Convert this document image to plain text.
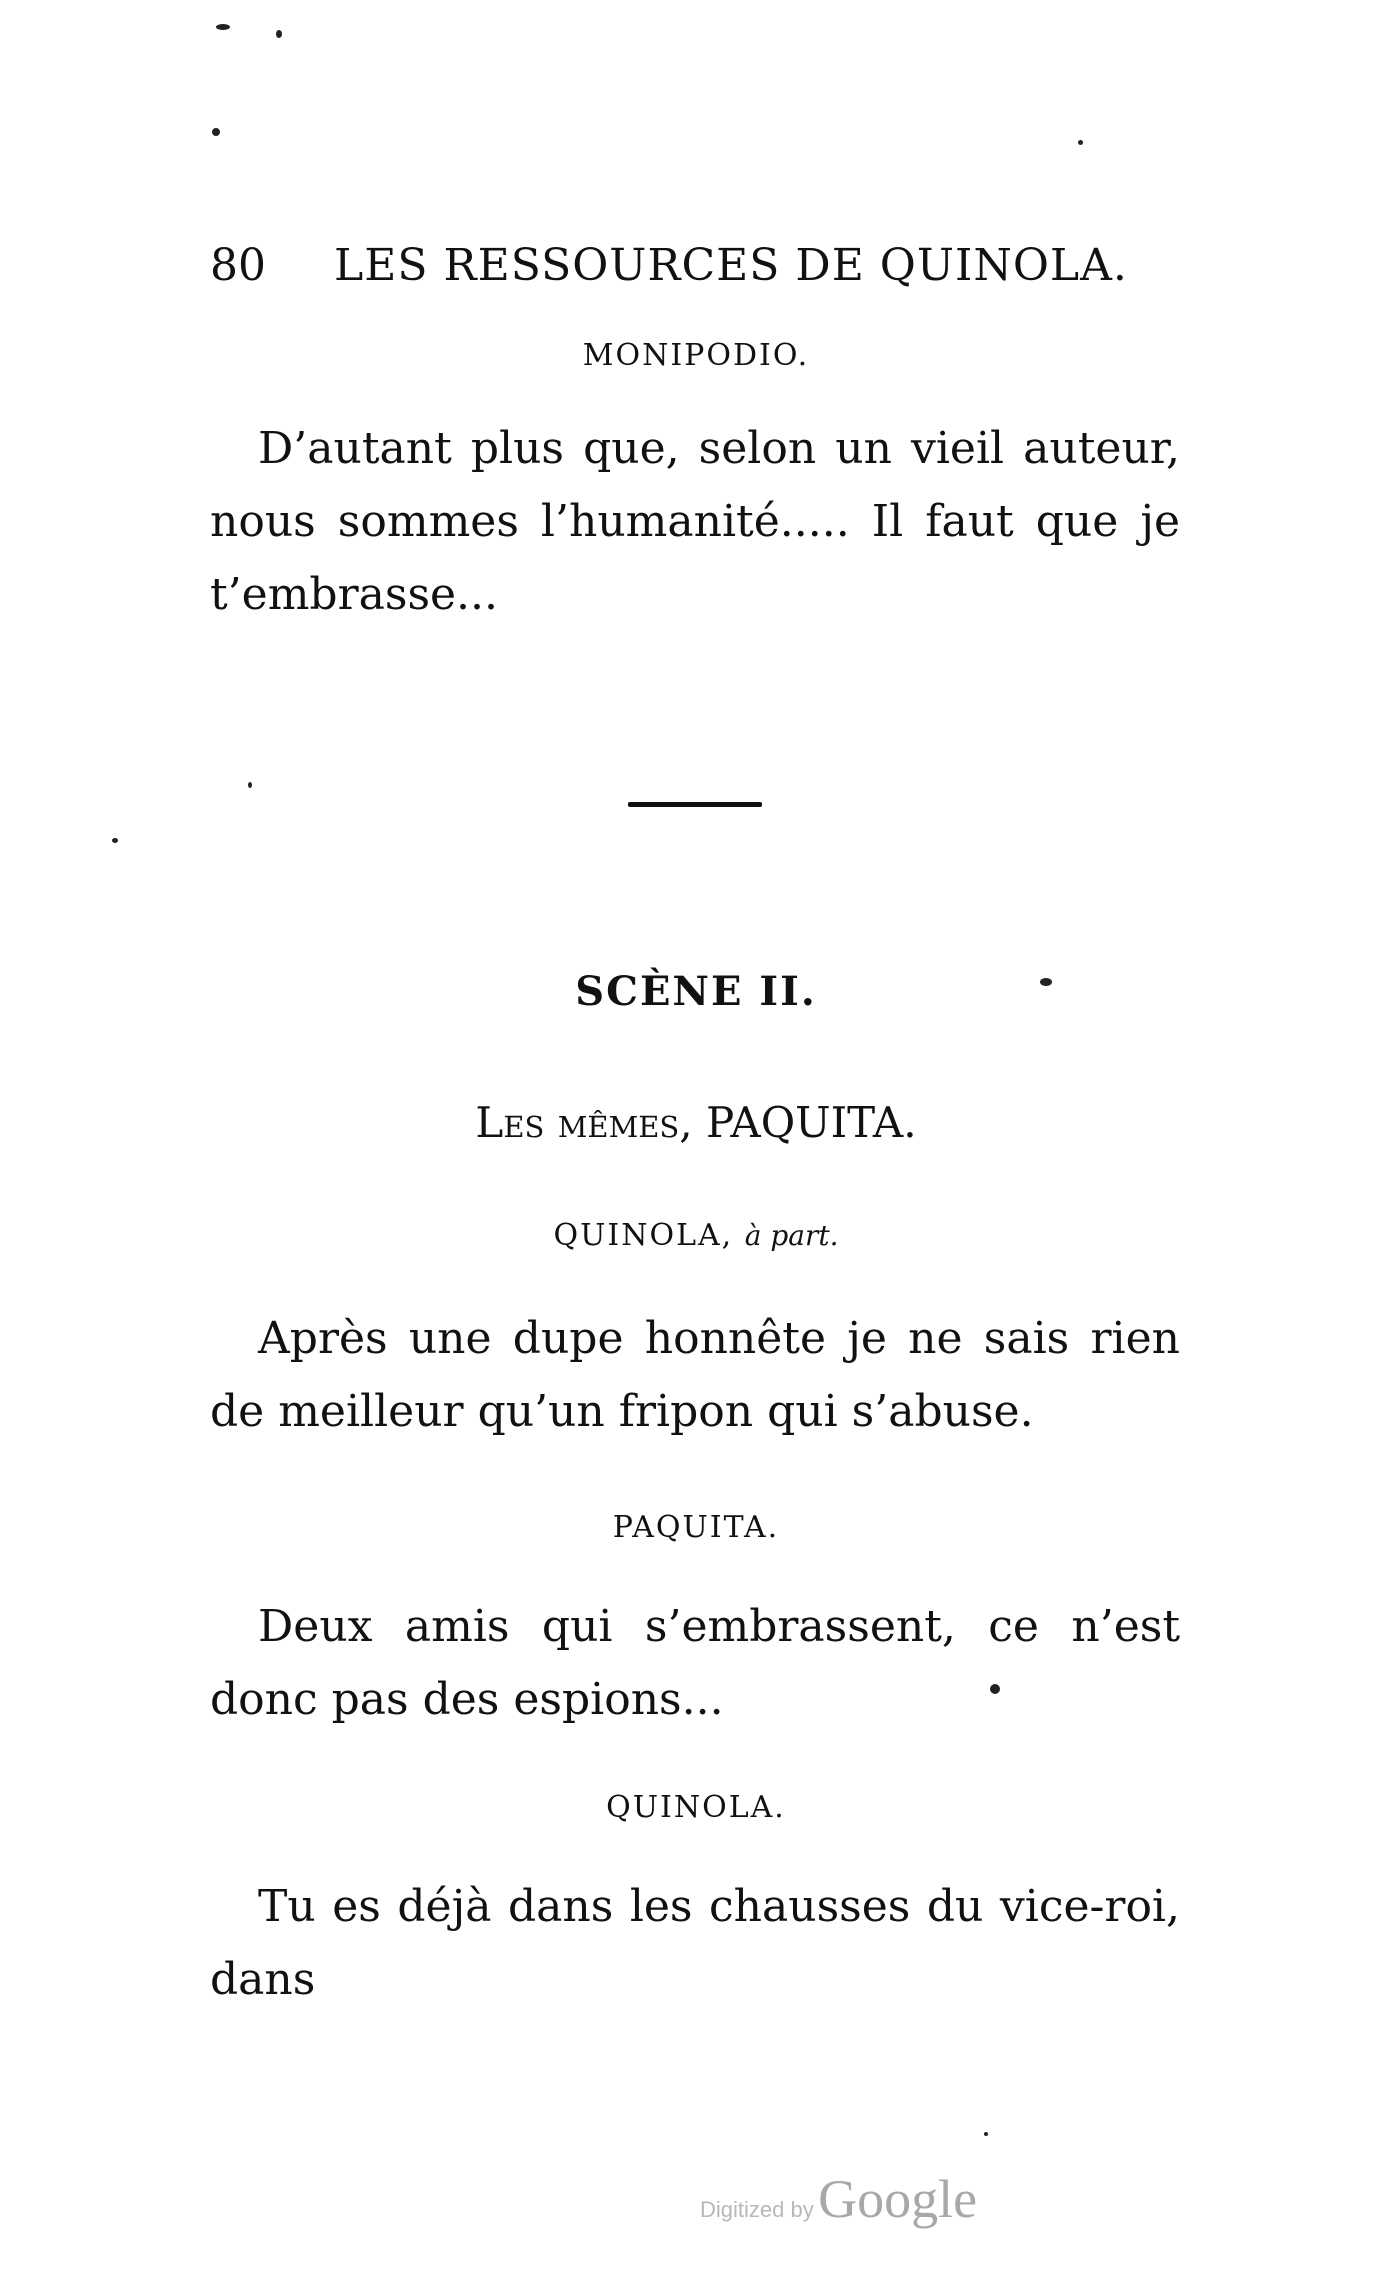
80 LES RESSOURCES DE QUINOLA.
MONIPODIO.
D’autant plus que, selon un vieil auteur, nous sommes l’humanité..... Il faut que je t’embrasse...
SCÈNE II.
Les mêmes, PAQUITA.
QUINOLA, à part.
Après une dupe honnête je ne sais rien de meilleur qu’un fripon qui s’abuse.
PAQUITA.
Deux amis qui s’embrassent, ce n’est donc pas des espions...
QUINOLA.
Tu es déjà dans les chausses du vice-roi, dans
Digitized by Google
